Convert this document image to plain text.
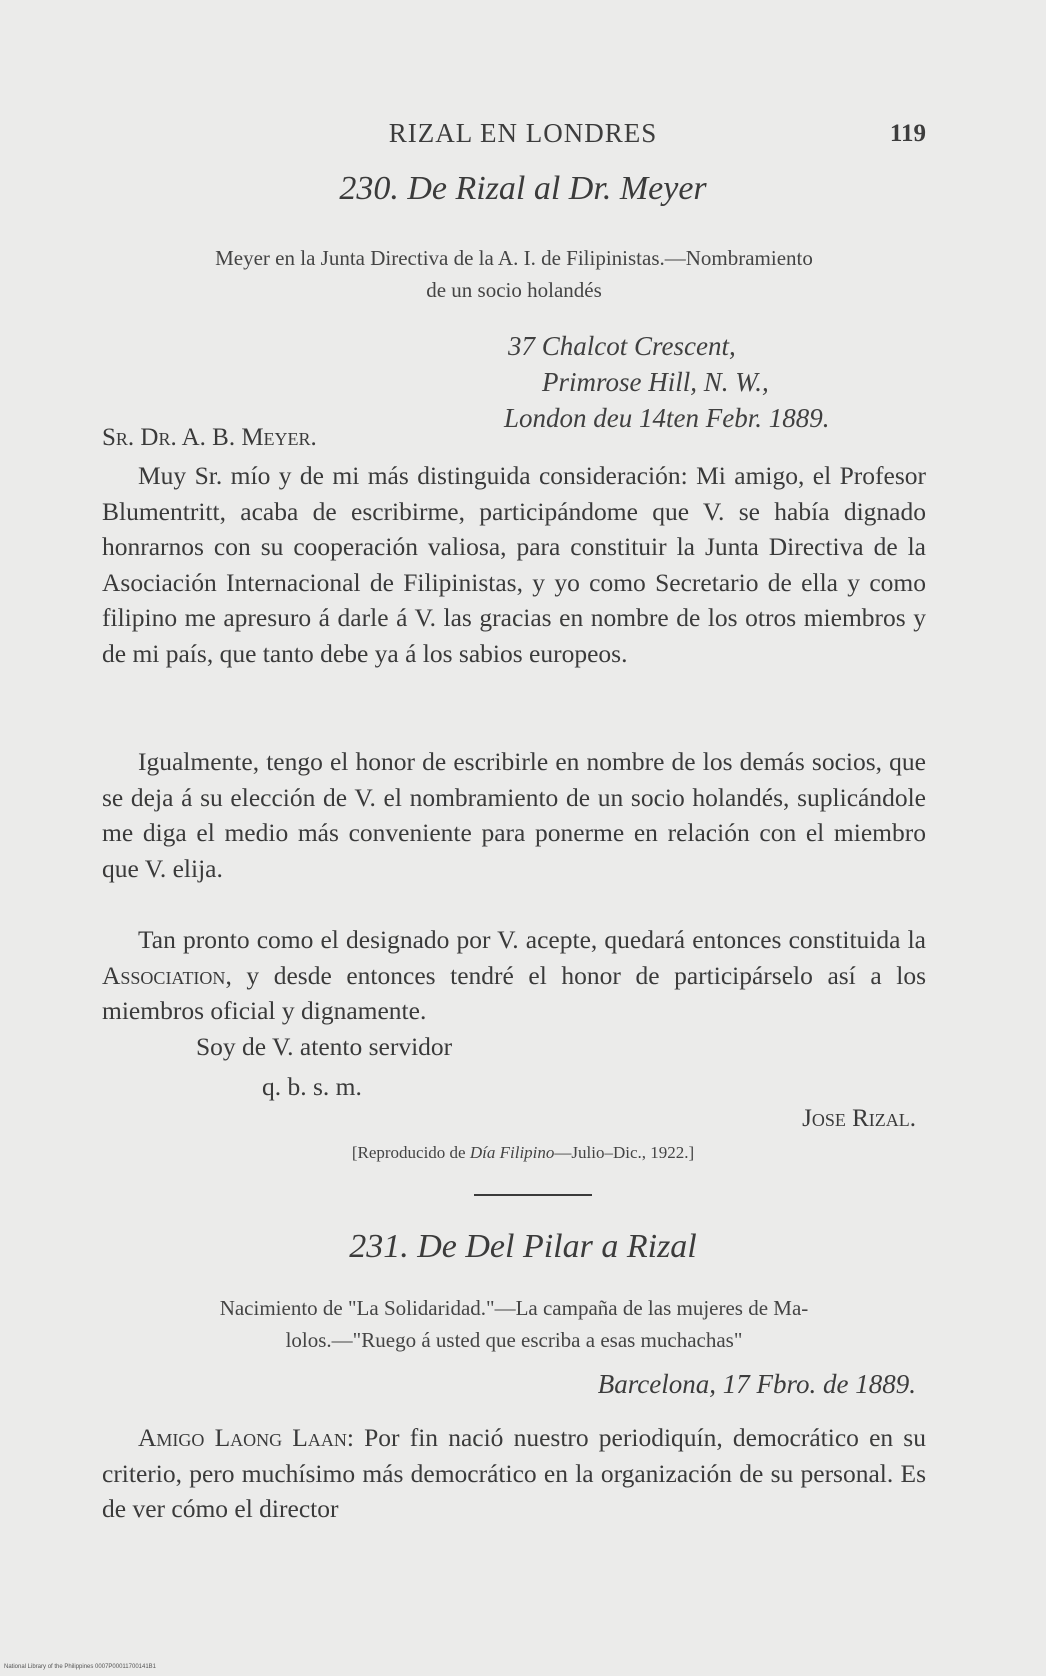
RIZAL EN LONDRES	119
230. De Rizal al Dr. Meyer
Meyer en la Junta Directiva de la A. I. de Filipinistas.—Nombramiento
de un socio holandés
37 Chalcot Crescent,
Primrose Hill, N. W.,
London deu 14ten Febr. 1889.
Sr. Dr. A. B. Meyer.
Muy Sr. mío y de mi más distinguida consideración: Mi amigo, el Profesor Blumentritt, acaba de escribirme, participándome que V. se había dignado honrarnos con su cooperación valiosa, para constituir la Junta Directiva de la Asociación Internacional de Filipinistas, y yo como Secretario de ella y como filipino me apresuro á darle á V. las gracias en nombre de los otros miembros y de mi país, que tanto debe ya á los sabios europeos.
Igualmente, tengo el honor de escribirle en nombre de los demás socios, que se deja á su elección de V. el nombramiento de un socio holandés, suplicándole me diga el medio más conveniente para ponerme en relación con el miembro que V. elija.
Tan pronto como el designado por V. acepte, quedará entonces constituida la Association, y desde entonces tendré el honor de participárselo así a los miembros oficial y dignamente.
Soy de V. atento servidor
q. b. s. m.
Jose Rizal.
[Reproducido de Día Filipino—Julio–Dic., 1922.]
231. De Del Pilar a Rizal
Nacimiento de "La Solidaridad."—La campaña de las mujeres de Ma-
lolos.—"Ruego á usted que escriba a esas muchachas"
Barcelona, 17 Fbro. de 1889.
Amigo Laong Laan: Por fin nació nuestro periodiquín, democrático en su criterio, pero muchísimo más democrático en la organización de su personal. Es de ver cómo el director
National Library of the Philippines 0007P00011700141B1
